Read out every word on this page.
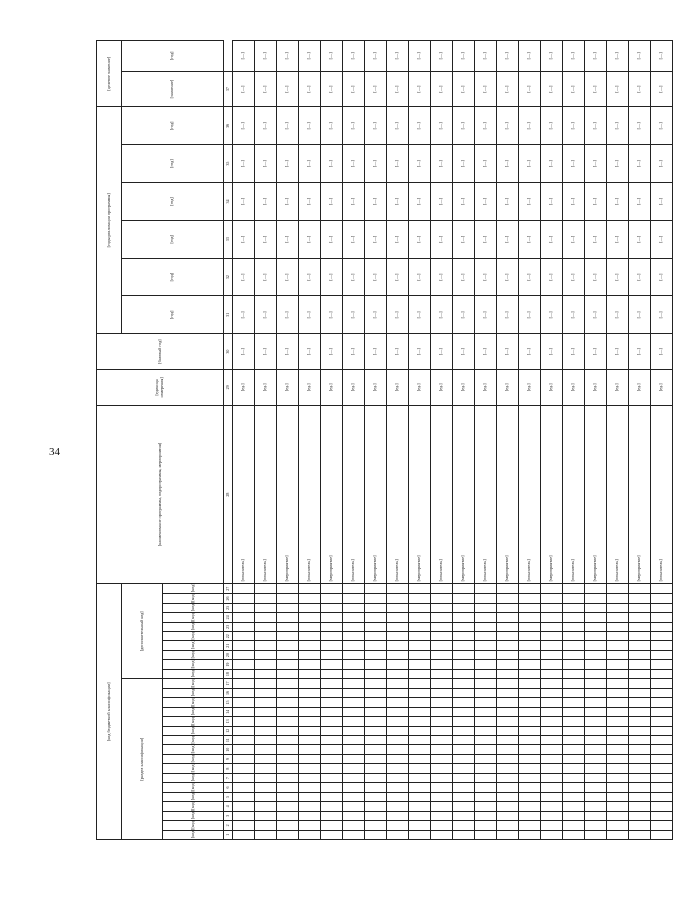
34
[код бюджетной классификации]																											[наименование программы, подпрограммы, мероприятия]	[единица измерения]	[базовый год]	[годы реализации программы]						[целевое значение]	
[раздел классификации]																	[дополнительный код]													[год]	[год]	[год]	[год]	[год]	[год]	[значение]	[год]
[код]	[код]	[код]	[код]	[код]	[код]	[код]	[код]	[код]	[код]	[код]	[код]	[код]	[код]	[код]	[код]	[код]	[код]	[код]	[код]	[код]	[код]	[код]	[код]	[код]	[код]	[код]											
1	2	3	4	5	6	7	8	9	10	11	12	13	14	15	16	17	18	19	20	21	22	23	24	25	26	27	28	29	30	31	32	33	34	35	36	37	
																											[показатель]	[ед.]	[—]	[—]	[—]	[—]	[—]	[—]	[—]	[—]	[—]
																											[показатель]	[ед.]	[—]	[—]	[—]	[—]	[—]	[—]	[—]	[—]	[—]
																											[мероприятие]	[ед.]	[—]	[—]	[—]	[—]	[—]	[—]	[—]	[—]	[—]
																											[показатель]	[ед.]	[—]	[—]	[—]	[—]	[—]	[—]	[—]	[—]	[—]
																											[мероприятие]	[ед.]	[—]	[—]	[—]	[—]	[—]	[—]	[—]	[—]	[—]
																											[показатель]	[ед.]	[—]	[—]	[—]	[—]	[—]	[—]	[—]	[—]	[—]
																											[мероприятие]	[ед.]	[—]	[—]	[—]	[—]	[—]	[—]	[—]	[—]	[—]
																											[показатель]	[ед.]	[—]	[—]	[—]	[—]	[—]	[—]	[—]	[—]	[—]
																											[мероприятие]	[ед.]	[—]	[—]	[—]	[—]	[—]	[—]	[—]	[—]	[—]
																											[показатель]	[ед.]	[—]	[—]	[—]	[—]	[—]	[—]	[—]	[—]	[—]
																											[мероприятие]	[ед.]	[—]	[—]	[—]	[—]	[—]	[—]	[—]	[—]	[—]
																											[показатель]	[ед.]	[—]	[—]	[—]	[—]	[—]	[—]	[—]	[—]	[—]
																											[мероприятие]	[ед.]	[—]	[—]	[—]	[—]	[—]	[—]	[—]	[—]	[—]
																											[показатель]	[ед.]	[—]	[—]	[—]	[—]	[—]	[—]	[—]	[—]	[—]
																											[мероприятие]	[ед.]	[—]	[—]	[—]	[—]	[—]	[—]	[—]	[—]	[—]
																											[показатель]	[ед.]	[—]	[—]	[—]	[—]	[—]	[—]	[—]	[—]	[—]
																											[мероприятие]	[ед.]	[—]	[—]	[—]	[—]	[—]	[—]	[—]	[—]	[—]
																											[показатель]	[ед.]	[—]	[—]	[—]	[—]	[—]	[—]	[—]	[—]	[—]
																											[мероприятие]	[ед.]	[—]	[—]	[—]	[—]	[—]	[—]	[—]	[—]	[—]
																											[показатель]	[ед.]	[—]	[—]	[—]	[—]	[—]	[—]	[—]	[—]	[—]
